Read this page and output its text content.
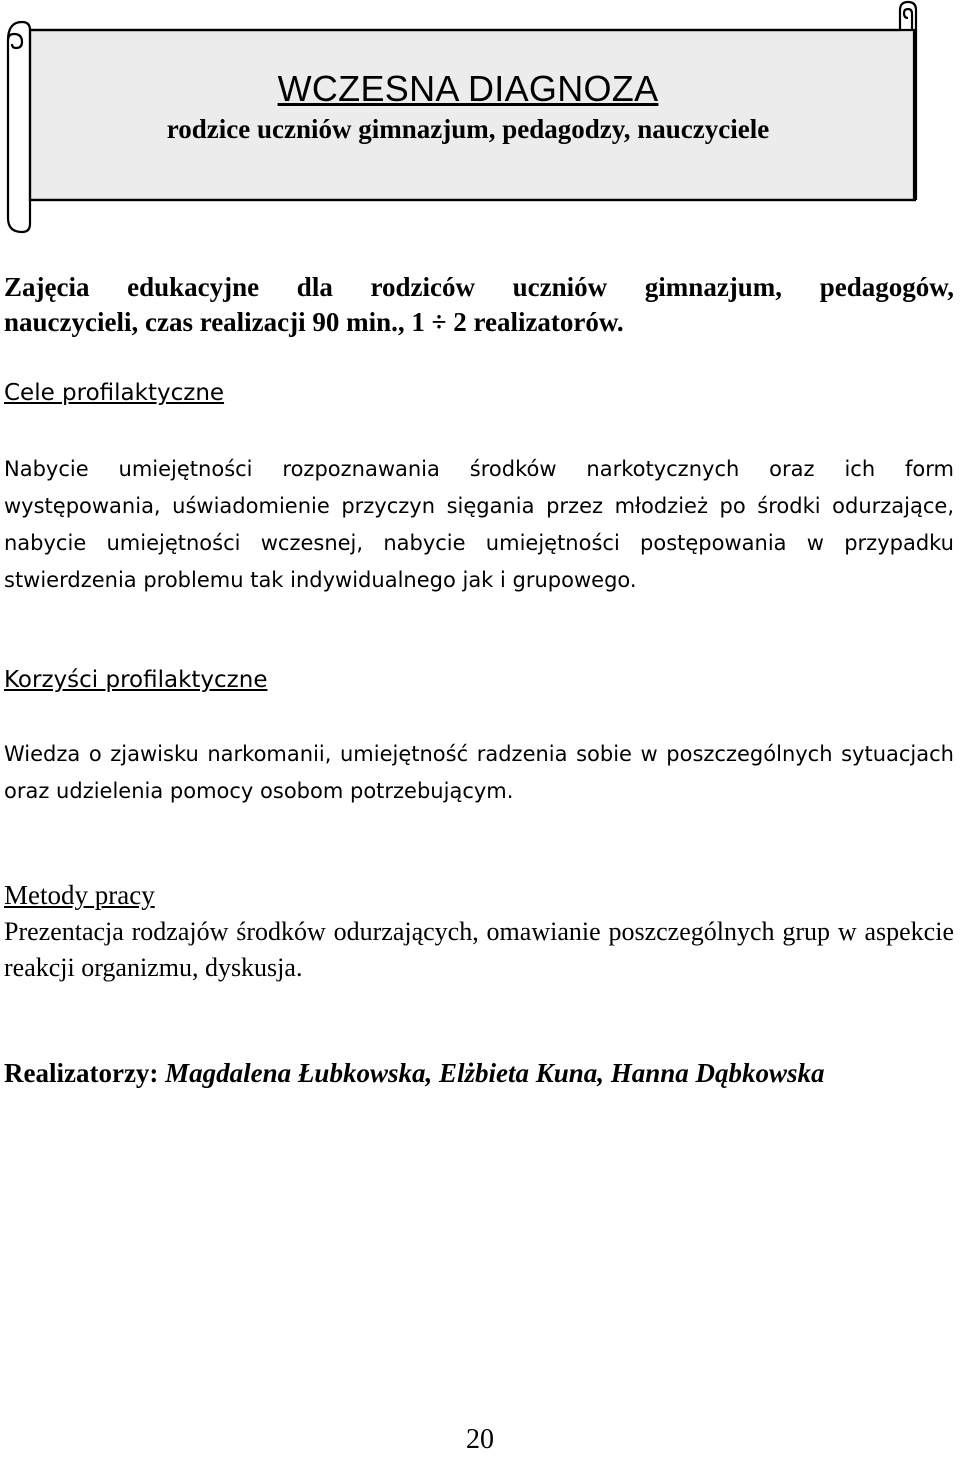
WCZESNA DIAGNOZA
rodzice uczniów gimnazjum, pedagodzy, nauczyciele
Zajęcia edukacyjne dla rodziców uczniów gimnazjum, pedagogów,
nauczycieli, czas realizacji 90 min., 1 ÷ 2 realizatorów.
Cele profilaktyczne
Nabycie umiejętności rozpoznawania środków narkotycznych oraz ich form występowania, uświadomienie przyczyn sięgania przez młodzież po środki odurzające, nabycie umiejętności wczesnej, nabycie umiejętności postępowania w przypadku stwierdzenia problemu tak indywidualnego jak i grupowego.
Korzyści profilaktyczne
Wiedza o zjawisku narkomanii, umiejętność radzenia sobie w poszczególnych sytuacjach oraz udzielenia pomocy osobom potrzebującym.
Metody pracy
Prezentacja rodzajów środków odurzających, omawianie poszczególnych grup w aspekcie reakcji organizmu, dyskusja.
Realizatorzy: Magdalena Łubkowska, Elżbieta Kuna, Hanna Dąbkowska
20
